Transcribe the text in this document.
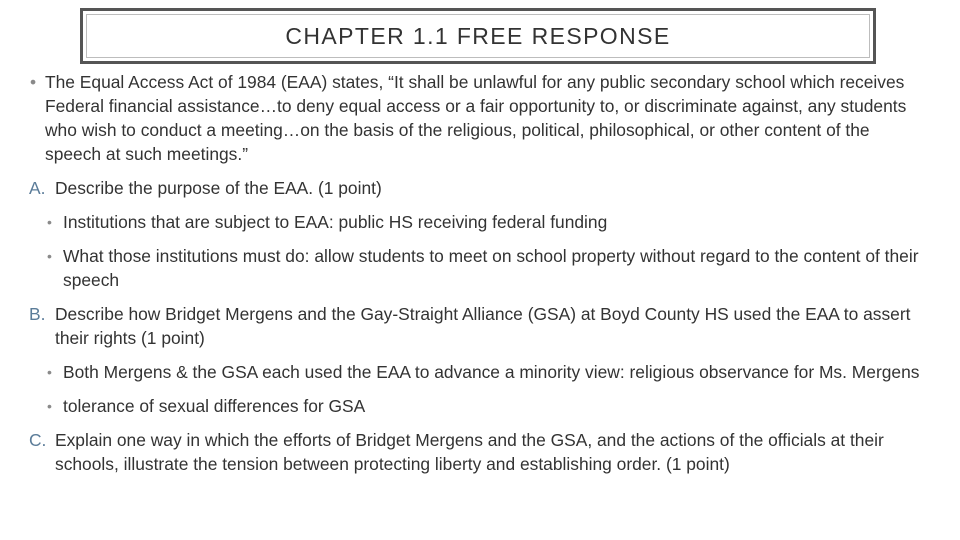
CHAPTER 1.1 FREE RESPONSE
• The Equal Access Act of 1984 (EAA) states, “It shall be unlawful for any public secondary school which receives Federal financial assistance…to deny equal access or a fair opportunity to, or discriminate against, any students who wish to conduct a meeting…on the basis of the religious, political, philosophical, or other content of the speech at such meetings.”
A. Describe the purpose of the EAA. (1 point)
• Institutions that are subject to EAA: public HS receiving federal funding
• What those institutions must do: allow students to meet on school property without regard to the content of their speech
B. Describe how Bridget Mergens and the Gay-Straight Alliance (GSA) at Boyd County HS used the EAA to assert their rights (1 point)
• Both Mergens & the GSA each used the EAA to advance a minority view: religious observance for Ms. Mergens
• tolerance of sexual differences for GSA
C. Explain one way in which the efforts of Bridget Mergens and the GSA, and the actions of the officials at their schools, illustrate the tension between protecting liberty and establishing order. (1 point)
